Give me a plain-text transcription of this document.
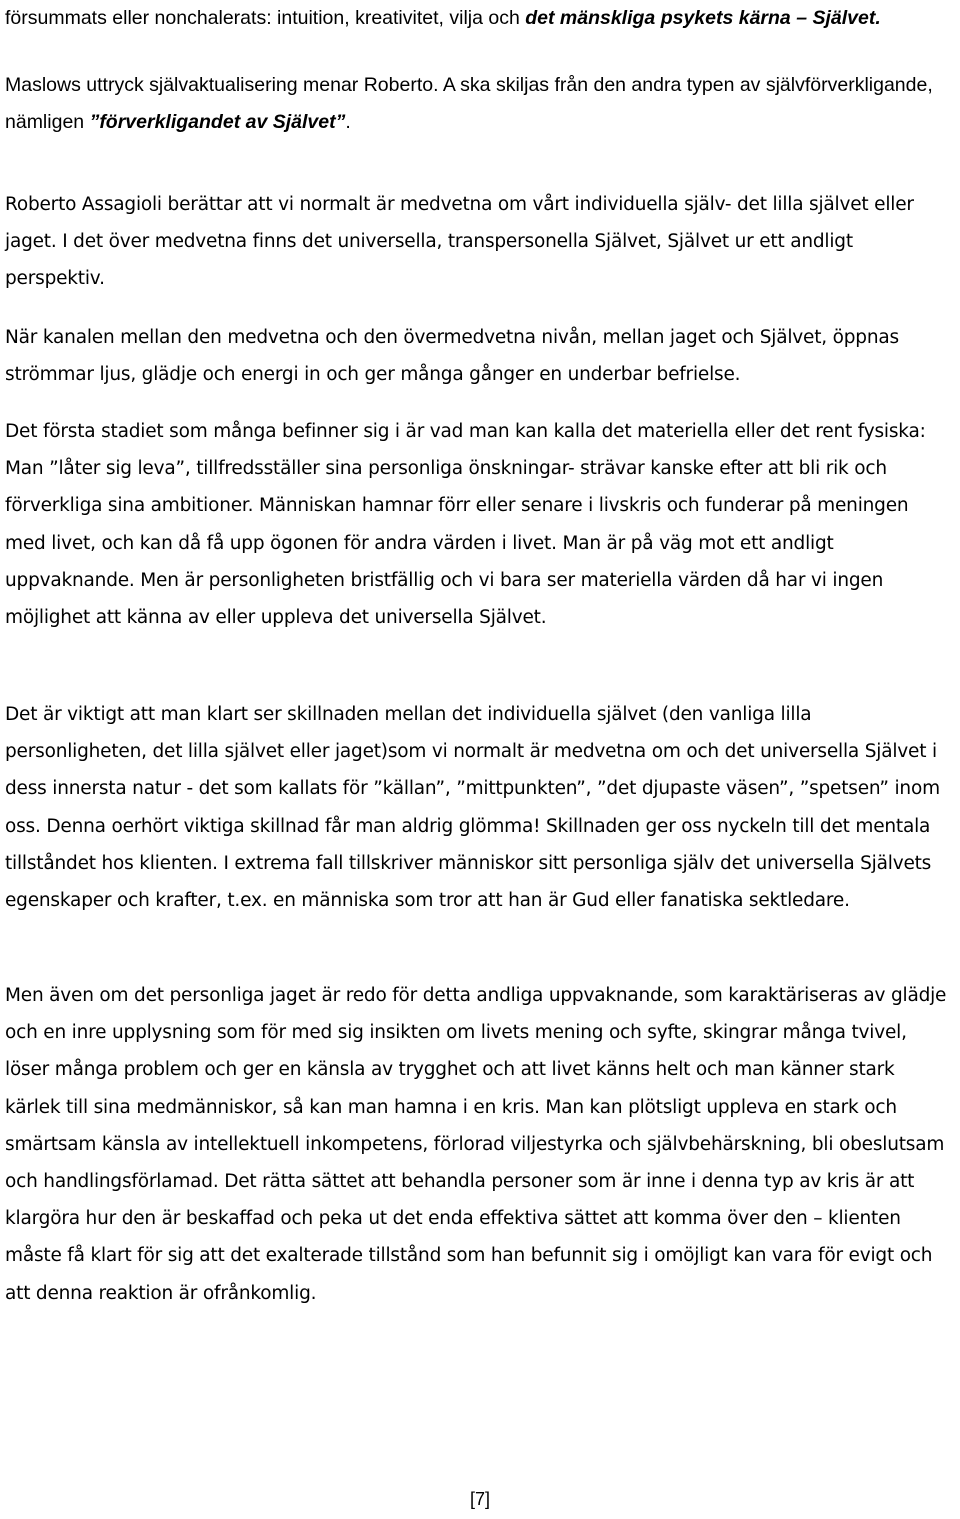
försummats eller nonchalerats: intuition, kreativitet, vilja och det mänskliga psykets kärna – Självet.

Maslows uttryck självaktualisering menar Roberto. A ska skiljas från den andra typen av självförverkligande, nämligen ”förverkligandet av Självet”.

Roberto Assagioli berättar att vi normalt är medvetna om vårt individuella själv- det lilla självet eller jaget. I det över medvetna finns det universella, transpersonella Självet, Självet ur ett andligt perspektiv.

När kanalen mellan den medvetna och den övermedvetna nivån, mellan jaget och Självet, öppnas strömmar ljus, glädje och energi in och ger många gånger en underbar befrielse.

Det första stadiet som många befinner sig i är vad man kan kalla det materiella eller det rent fysiska: Man ”låter sig leva”, tillfredsställer sina personliga önskningar- strävar kanske efter att bli rik och förverkliga sina ambitioner. Människan hamnar förr eller senare i livskris och funderar på meningen med livet, och kan då få upp ögonen för andra värden i livet. Man är på väg mot ett andligt uppvaknande. Men är personligheten bristfällig och vi bara ser materiella värden då har vi ingen möjlighet att känna av eller uppleva det universella Självet.

Det är viktigt att man klart ser skillnaden mellan det individuella självet (den vanliga lilla personligheten, det lilla självet eller jaget)som vi normalt är medvetna om och det universella Självet i dess innersta natur - det som kallats för ”källan”, ”mittpunkten”, ”det djupaste väsen”, ”spetsen” inom oss. Denna oerhört viktiga skillnad får man aldrig glömma! Skillnaden ger oss nyckeln till det mentala tillståndet hos klienten. I extrema fall tillskriver människor sitt personliga själv det universella Självets egenskaper och krafter, t.ex. en människa som tror att han är Gud eller fanatiska sektledare.

Men även om det personliga jaget är redo för detta andliga uppvaknande, som karaktäriseras av glädje och en inre upplysning som för med sig insikten om livets mening och syfte, skingrar många tvivel, löser många problem och ger en känsla av trygghet och att livet känns helt och man känner stark kärlek till sina medmänniskor, så kan man hamna i en kris. Man kan plötsligt uppleva en stark och smärtsam känsla av intellektuell inkompetens, förlorad viljestyrka och självbehärskning, bli obeslutsam och handlingsförlamad. Det rätta sättet att behandla personer som är inne i denna typ av kris är att klargöra hur den är beskaffad och peka ut det enda effektiva sättet att komma över den – klienten måste få klart för sig att det exalterade tillstånd som han befunnit sig i omöjligt kan vara för evigt och att denna reaktion är ofrånkomlig.

[7]
